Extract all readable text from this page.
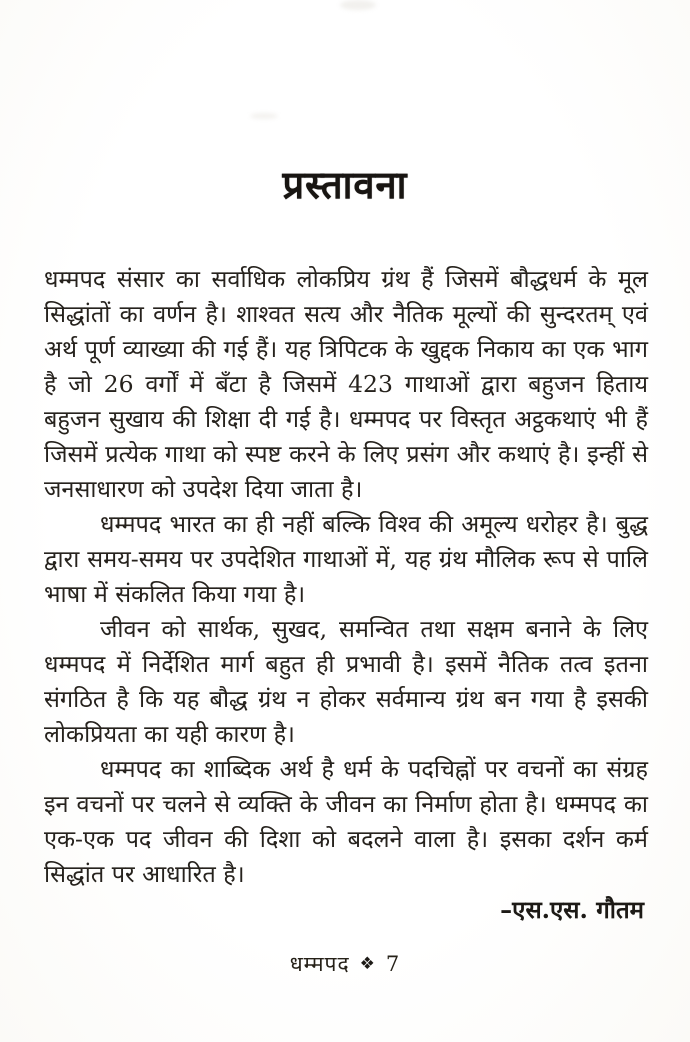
प्रस्तावना

धम्मपद संसार का सर्वाधिक लोकप्रिय ग्रंथ हैं जिसमें बौद्धधर्म के मूल सिद्धांतों का वर्णन है। शाश्वत सत्य और नैतिक मूल्यों की सुन्दरतम् एवं अर्थ पूर्ण व्याख्या की गई हैं। यह त्रिपिटक के खुद्दक निकाय का एक भाग है जो 26 वर्गों में बँटा है जिसमें 423 गाथाओं द्वारा बहुजन हिताय बहुजन सुखाय की शिक्षा दी गई है। धम्मपद पर विस्तृत अट्ठकथाएं भी हैं जिसमें प्रत्येक गाथा को स्पष्ट करने के लिए प्रसंग और कथाएं है। इन्हीं से जनसाधारण को उपदेश दिया जाता है।

धम्मपद भारत का ही नहीं बल्कि विश्व की अमूल्य धरोहर है। बुद्ध द्वारा समय-समय पर उपदेशित गाथाओं में, यह ग्रंथ मौलिक रूप से पालि भाषा में संकलित किया गया है।

जीवन को सार्थक, सुखद, समन्वित तथा सक्षम बनाने के लिए धम्मपद में निर्देशित मार्ग बहुत ही प्रभावी है। इसमें नैतिक तत्व इतना संगठित है कि यह बौद्ध ग्रंथ न होकर सर्वमान्य ग्रंथ बन गया है इसकी लोकप्रियता का यही कारण है।

धम्मपद का शाब्दिक अर्थ है धर्म के पदचिह्नों पर वचनों का संग्रह इन वचनों पर चलने से व्यक्ति के जीवन का निर्माण होता है। धम्मपद का एक-एक पद जीवन की दिशा को बदलने वाला है। इसका दर्शन कर्म सिद्धांत पर आधारित है।

–एस.एस. गौतम
धम्मपद ❖ 7
